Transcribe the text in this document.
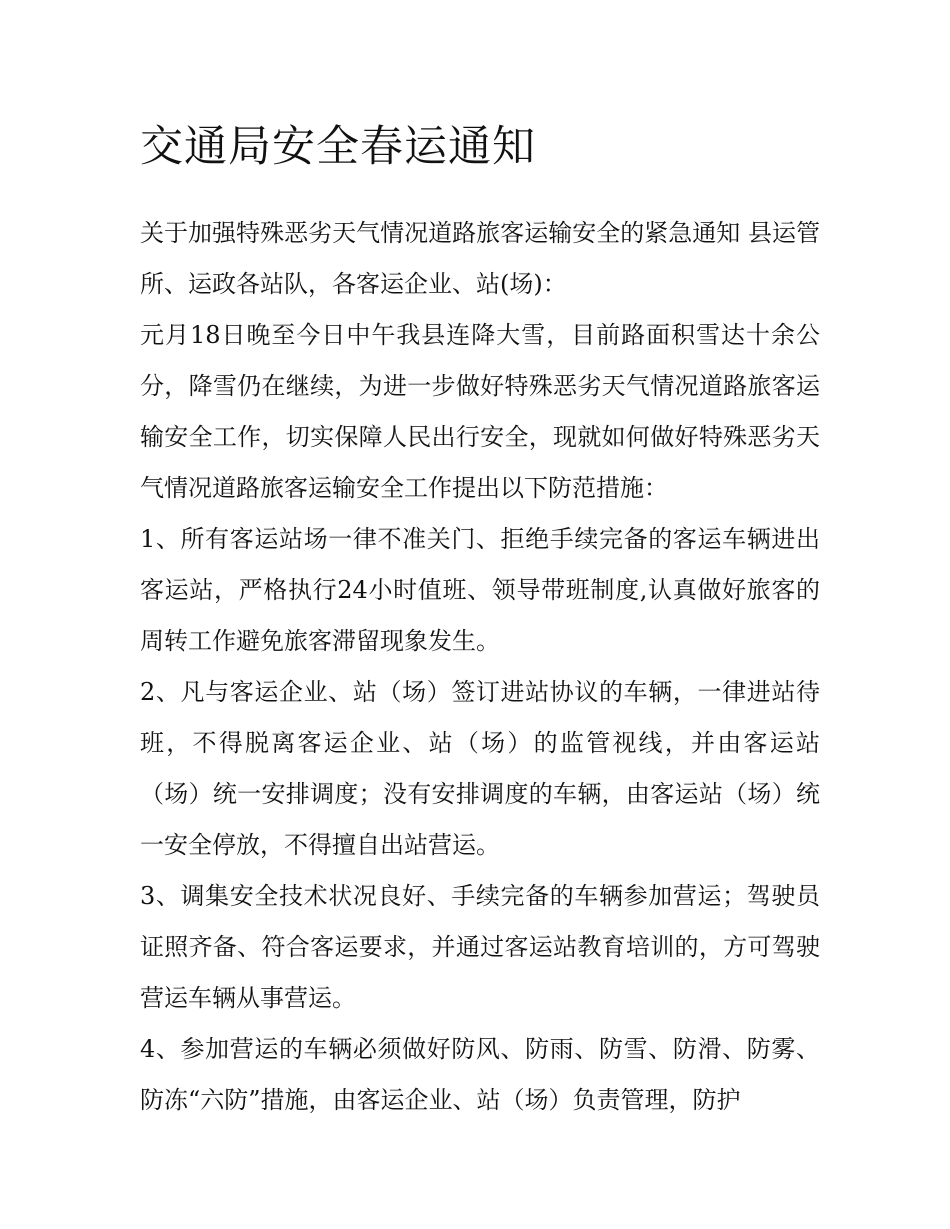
交通局安全春运通知

关于加强特殊恶劣天气情况道路旅客运输安全的紧急通知 县运管所、运政各站队，各客运企业、站(场)：

元月18日晚至今日中午我县连降大雪，目前路面积雪达十余公分，降雪仍在继续，为进一步做好特殊恶劣天气情况道路旅客运输安全工作，切实保障人民出行安全，现就如何做好特殊恶劣天气情况道路旅客运输安全工作提出以下防范措施：

1、所有客运站场一律不准关门、拒绝手续完备的客运车辆进出客运站，严格执行24小时值班、领导带班制度,认真做好旅客的周转工作避免旅客滞留现象发生。

2、凡与客运企业、站（场）签订进站协议的车辆，一律进站待班，不得脱离客运企业、站（场）的监管视线，并由客运站（场）统一安排调度；没有安排调度的车辆，由客运站（场）统一安全停放，不得擅自出站营运。

3、调集安全技术状况良好、手续完备的车辆参加营运；驾驶员证照齐备、符合客运要求，并通过客运站教育培训的，方可驾驶营运车辆从事营运。

4、参加营运的车辆必须做好防风、防雨、防雪、防滑、防雾、防冻“六防”措施，由客运企业、站（场）负责管理，防护
